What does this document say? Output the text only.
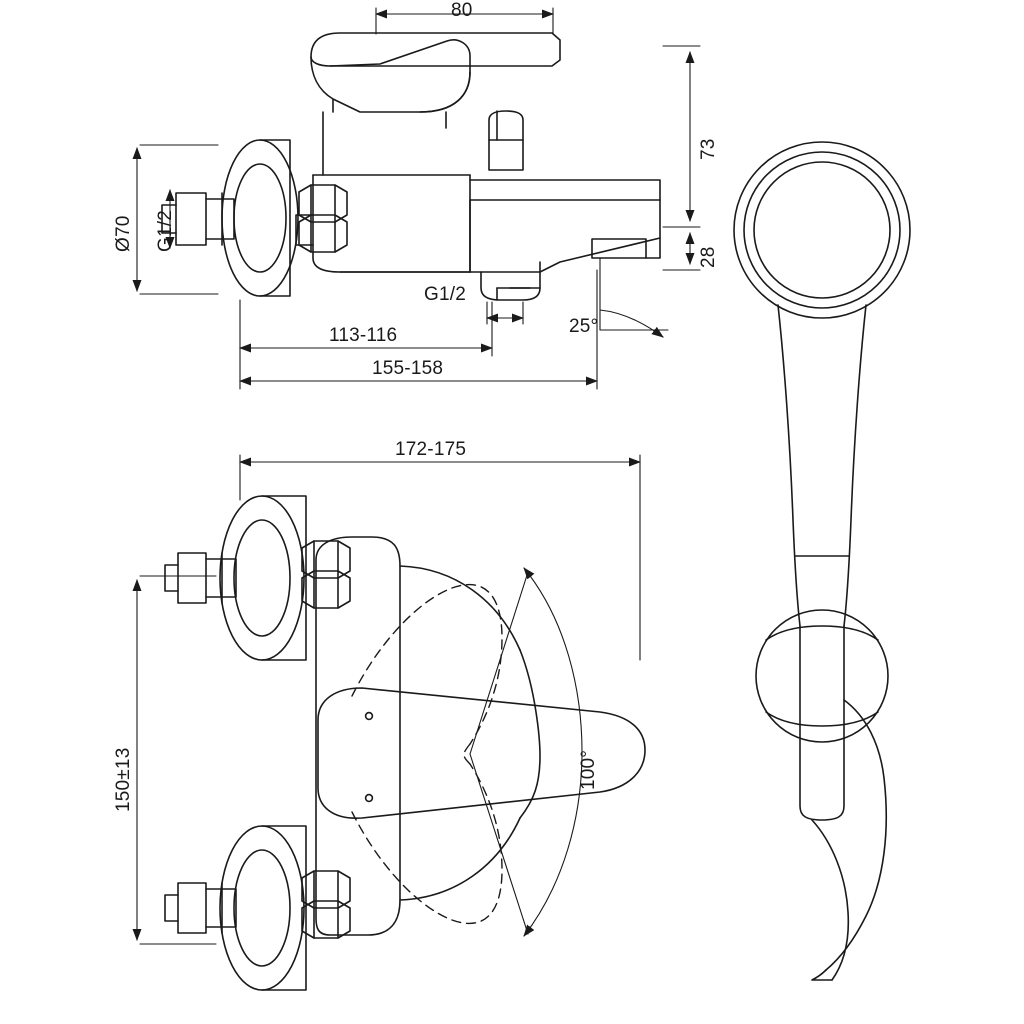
80
73
28
Ø70 G1/2
G1/2
25°
113-116
155-158
172-175
150±13	100°
